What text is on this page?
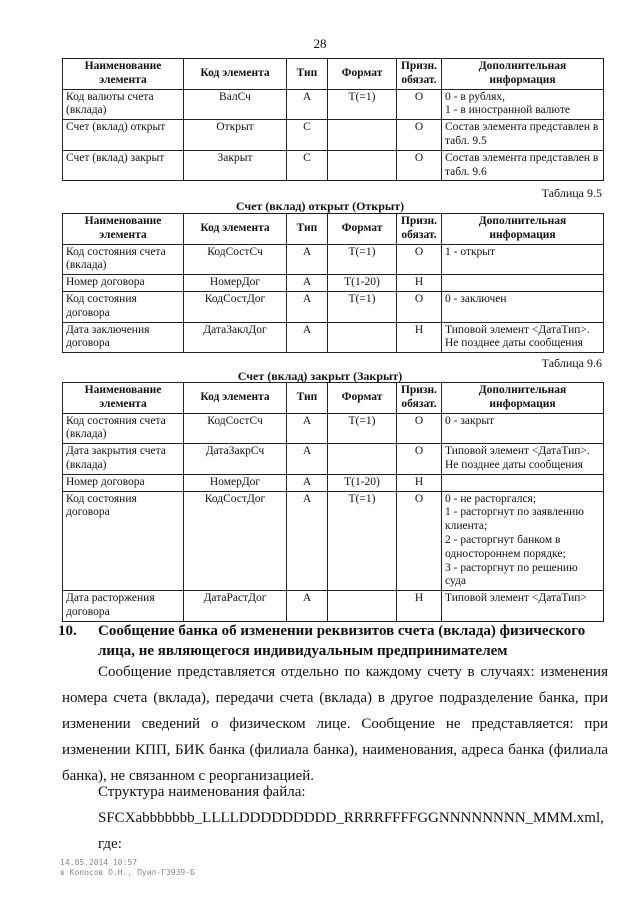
28
Наименование элемента	Код элемента	Тип	Формат	Призн. обязат.	Дополнительная информация
Код валюты счета (вклада)	ВалСч	А	Т(=1)	О	0 - в рублях,
1 - в иностранной валюте
Счет (вклад) открыт	Открыт	С		О	Состав элемента представлен в табл. 9.5
Счет (вклад) закрыт	Закрыт	С		О	Состав элемента представлен в табл. 9.6
Таблица 9.5
Счет (вклад) открыт (Открыт)
Наименование элемента	Код элемента	Тип	Формат	Призн. обязат.	Дополнительная информация
Код состояния счета (вклада)	КодСостСч	А	Т(=1)	О	1 - открыт
Номер договора	НомерДог	А	Т(1-20)	Н	
Код состояния договора	КодСостДог	А	Т(=1)	О	0 - заключен
Дата заключения договора	ДатаЗаклДог	А		Н	Типовой элемент <ДатаТип>.
Не позднее даты сообщения
Таблица 9.6
Счет (вклад) закрыт (Закрыт)
Наименование элемента	Код элемента	Тип	Формат	Призн. обязат.	Дополнительная информация
Код состояния счета (вклада)	КодСостСч	А	Т(=1)	О	0 - закрыт
Дата закрытия счета (вклада)	ДатаЗакрСч	А		О	Типовой элемент <ДатаТип>.
Не позднее даты сообщения
Номер договора	НомерДог	А	Т(1-20)	Н	
Код состояния договора	КодСостДог	А	Т(=1)	О	0 - не расторгался;
1 - расторгнут по заявлению клиента;
2 - расторгнут банком в одностороннем порядке;
3 - расторгнут по решению суда
Дата расторжения договора	ДатаРастДог	А		Н	Типовой элемент <ДатаТип>
10. Сообщение банка об изменении реквизитов счета (вклада) физического лица, не являющегося индивидуальным предпринимателем
Сообщение представляется отдельно по каждому счету в случаях: изменения номера счета (вклада), передачи счета (вклада) в другое подразделение банка, при изменении сведений о физическом лице. Сообщение не представляется: при изменении КПП, БИК банка (филиала банка), наименования, адреса банка (филиала банка), не связанном с реорганизацией.
Структура наименования файла:
SFCXabbbbbbb_LLLLDDDDDDDDD_RRRRFFFFGGNNNNNNNN_MMM.xml, где:
14.05.2014 10:57
в Копосов О.Н., Пуил-ГЗ939-Б
